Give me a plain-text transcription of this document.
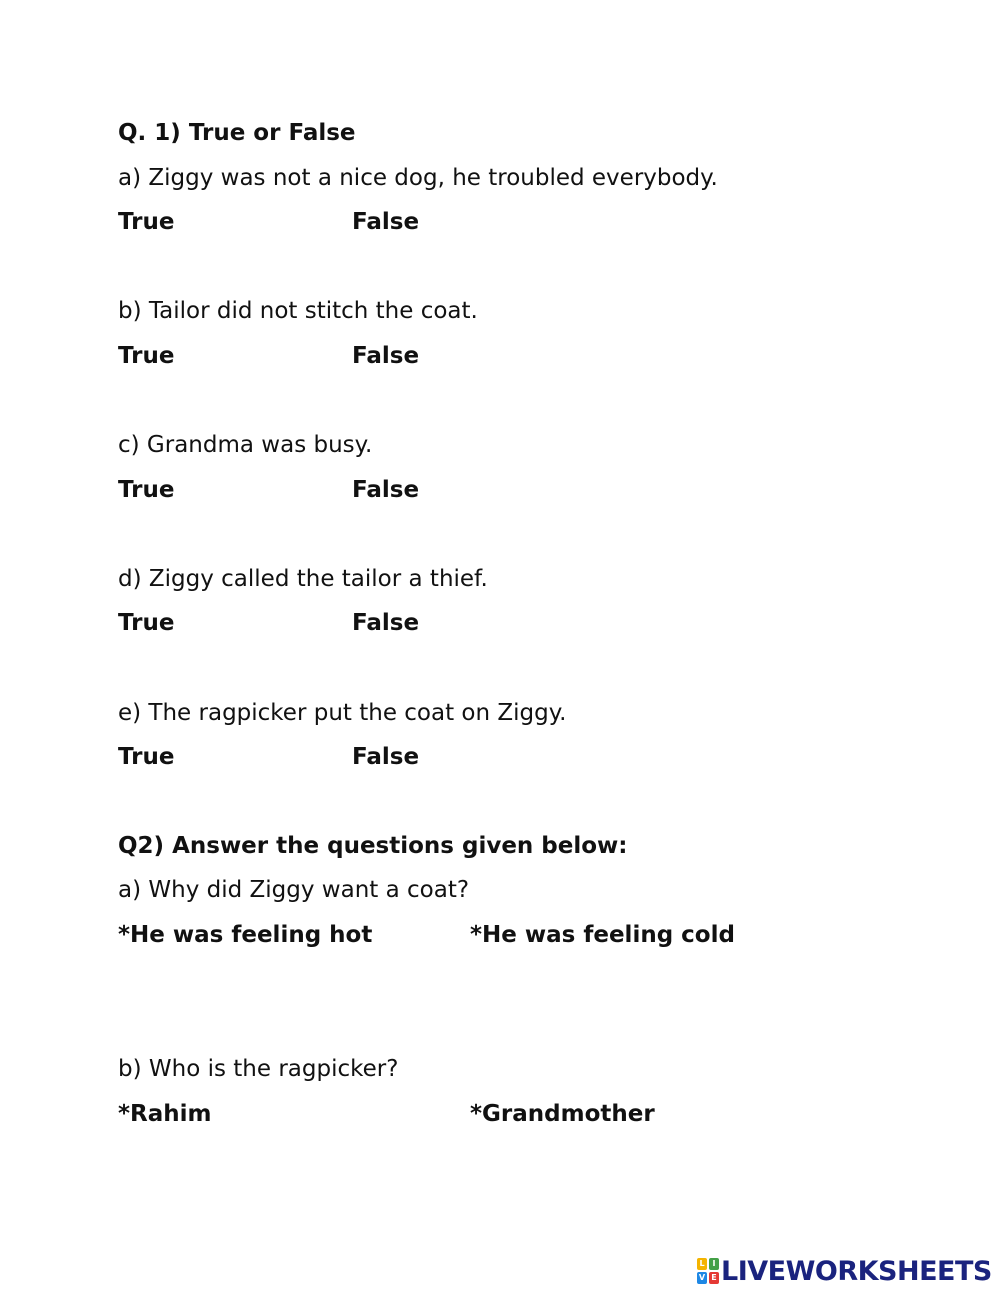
Q. 1) True or False
a) Ziggy was not a nice dog, he troubled everybody.
True	False
b) Tailor did not stitch the coat.
True	False
c) Grandma was busy.
True	False
d) Ziggy called the tailor a thief.
True	False
e) The ragpicker put the coat on Ziggy.
True	False
Q2) Answer the questions given below:
a) Why did Ziggy want a coat?
*He was feeling hot	*He was feeling cold
b) Who is the ragpicker?
*Rahim	*Grandmother
L I
V E LIVEWORKSHEETS
